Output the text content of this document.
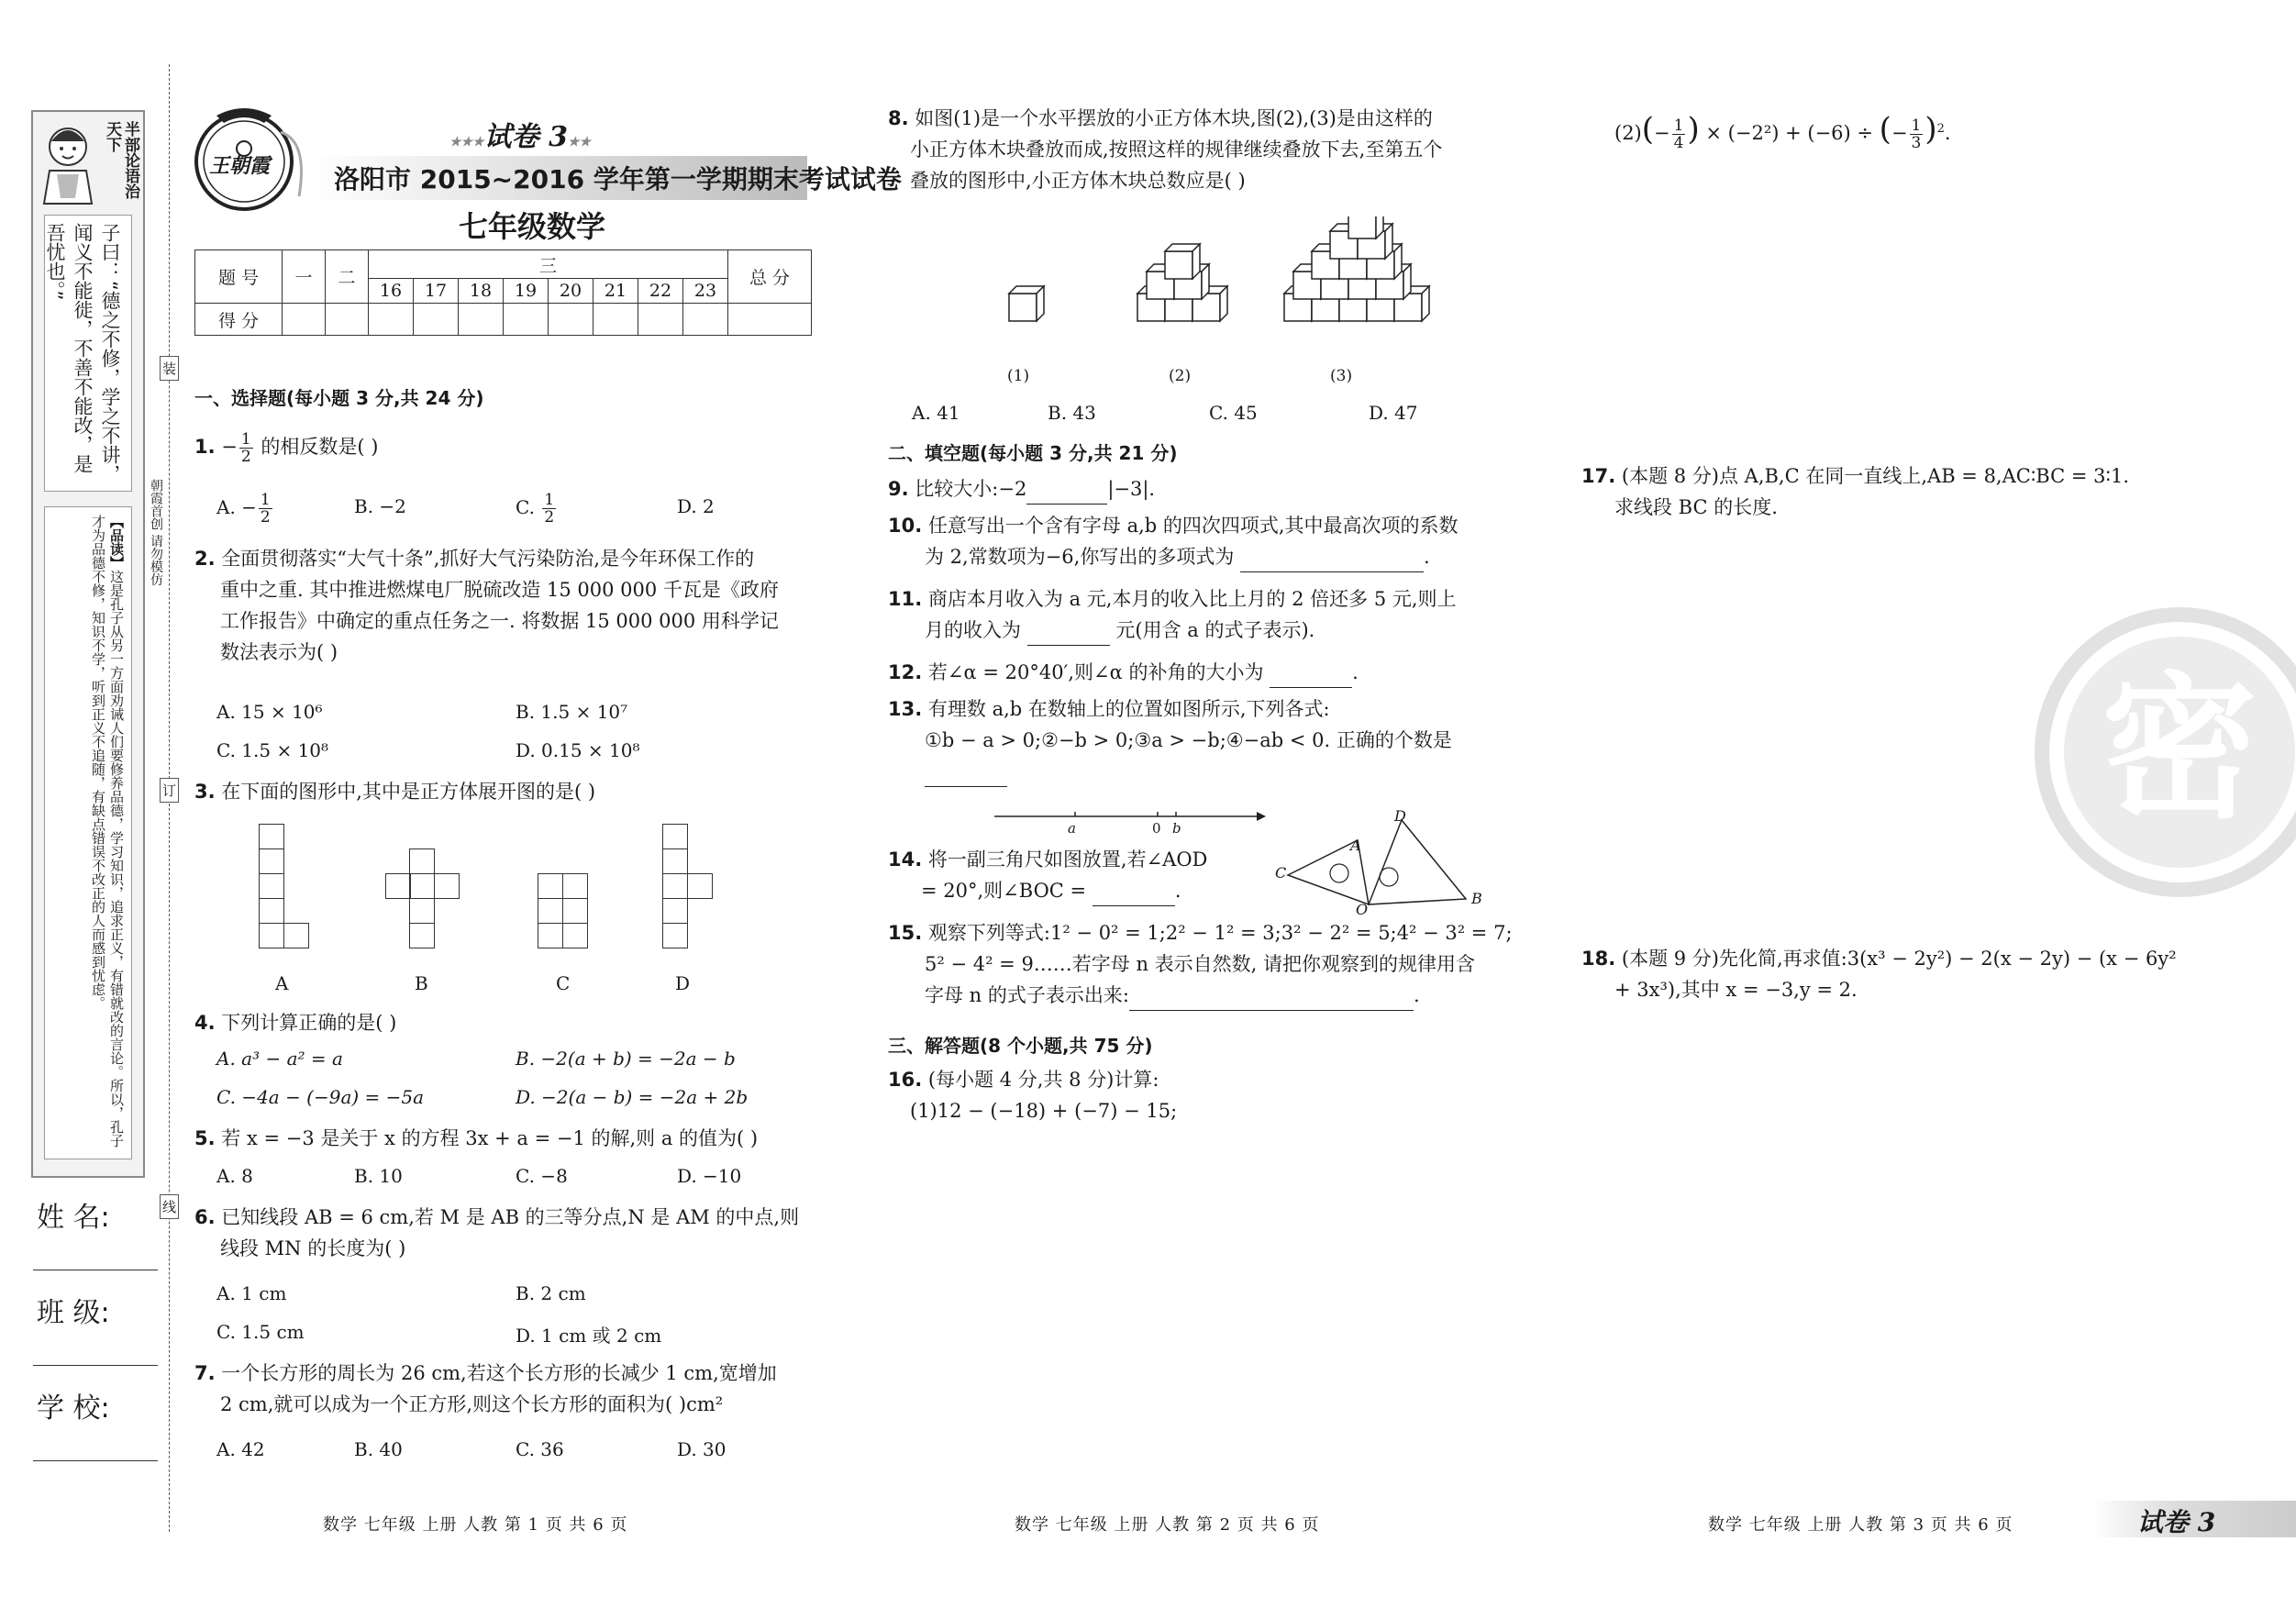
半部论语治天下
子曰：“德之不修，学之不讲，闻义不能徙，不善不能改，是吾忧也。”
【品读】这是孔子从另一方面劝诫人们要修养品德，学习知识，追求正义，有错就改的言论。所以，孔子才为品德不修，知识不学，听到正义不追随，有缺点错误不改正的人而感到忧虑。
装
订
线
朝霞首创 请勿模仿
姓 名:
班 级:
学 校:
王朝霞
★★★试卷 3★★
洛阳市 2015~2016 学年第一学期期末考试试卷
七年级数学
题 号	一	二	三								总 分
			16	17	18	19	20	21	22	23	
得 分											
一、选择题(每小题 3 分,共 24 分)
1. − $\frac{1}{2}$ 的相反数是( )
A. − $\frac{1}{2}$	B. −2	C. $\frac{1}{2}$	D. 2
2. 全面贯彻落实“大气十条”,抓好大气污染防治,是今年环保工作的
重中之重. 其中推进燃煤电厂脱硫改造 15 000 000 千瓦是《政府
工作报告》中确定的重点任务之一. 将数据 15 000 000 用科学记
数法表示为( )
A. 15 × 10⁶	B. 1.5 × 10⁷
C. 1.5 × 10⁸	D. 0.15 × 10⁸
3. 在下面的图形中,其中是正方体展开图的是( )
A	B	C	D
4. 下列计算正确的是( )
A. a³ − a² = a	B. −2(a + b) = −2a − b
C. −4a − (−9a) = −5a	D. −2(a − b) = −2a + 2b
5. 若 x = −3 是关于 x 的方程 3x + a = −1 的解,则 a 的值为( )
A. 8	B. 10	C. −8	D. −10
6. 已知线段 AB = 6 cm,若 M 是 AB 的三等分点,N 是 AM 的中点,则
线段 MN 的长度为( )
A. 1 cm	B. 2 cm
C. 1.5 cm	D. 1 cm 或 2 cm
7. 一个长方形的周长为 26 cm,若这个长方形的长减少 1 cm,宽增加
2 cm,就可以成为一个正方形,则这个长方形的面积为( )cm²
A. 42	B. 40	C. 36	D. 30
数学 七年级 上册 人教 第 1 页 共 6 页
8. 如图(1)是一个水平摆放的小正方体木块,图(2),(3)是由这样的
小正方体木块叠放而成,按照这样的规律继续叠放下去,至第五个
叠放的图形中,小正方体木块总数应是( )
(1)	(2)	(3)
A. 41	B. 43	C. 45	D. 47
二、填空题(每小题 3 分,共 21 分)
9. 比较大小:−2	|−3|.
10. 任意写出一个含有字母 a,b 的四次四项式,其中最高次项的系数
为 2,常数项为−6,你写出的多项式为	.
11. 商店本月收入为 a 元,本月的收入比上月的 2 倍还多 5 元,则上
月的收入为	元(用含 a 的式子表示).
12. 若∠α = 20°40′,则∠α 的补角的大小为	.
13. 有理数 a,b 在数轴上的位置如图所示,下列各式:
①b − a > 0;②−b > 0;③a > −b;④−ab < 0. 正确的个数是

a	0 b
14. 将一副三角尺如图放置,若∠AOD
= 20°,则∠BOC =	.
A
B
C
D
O
15. 观察下列等式:1² − 0² = 1;2² − 1² = 3;3² − 2² = 5;4² − 3² = 7;
5² − 4² = 9……若字母 n 表示自然数, 请把你观察到的规律用含
字母 n 的式子表示出来:	.
三、解答题(8 个小题,共 75 分)
16. (每小题 4 分,共 8 分)计算:
(1)12 − (−18) + (−7) − 15;
数学 七年级 上册 人教 第 2 页 共 6 页
$(2)(- \frac{1}{4}$ ) × (−2²) + (−6) ÷ (− $\frac{1}{3} )^2$.
17. (本题 8 分)点 A,B,C 在同一直线上,AB = 8,AC∶BC = 3∶1.
求线段 BC 的长度.
密
18. (本题 9 分)先化简,再求值:3(x³ − 2y²) − 2(x − 2y) − (x − 6y²
+ 3x³),其中 x = −3,y = 2.
数学 七年级 上册 人教 第 3 页 共 6 页	试卷 3
